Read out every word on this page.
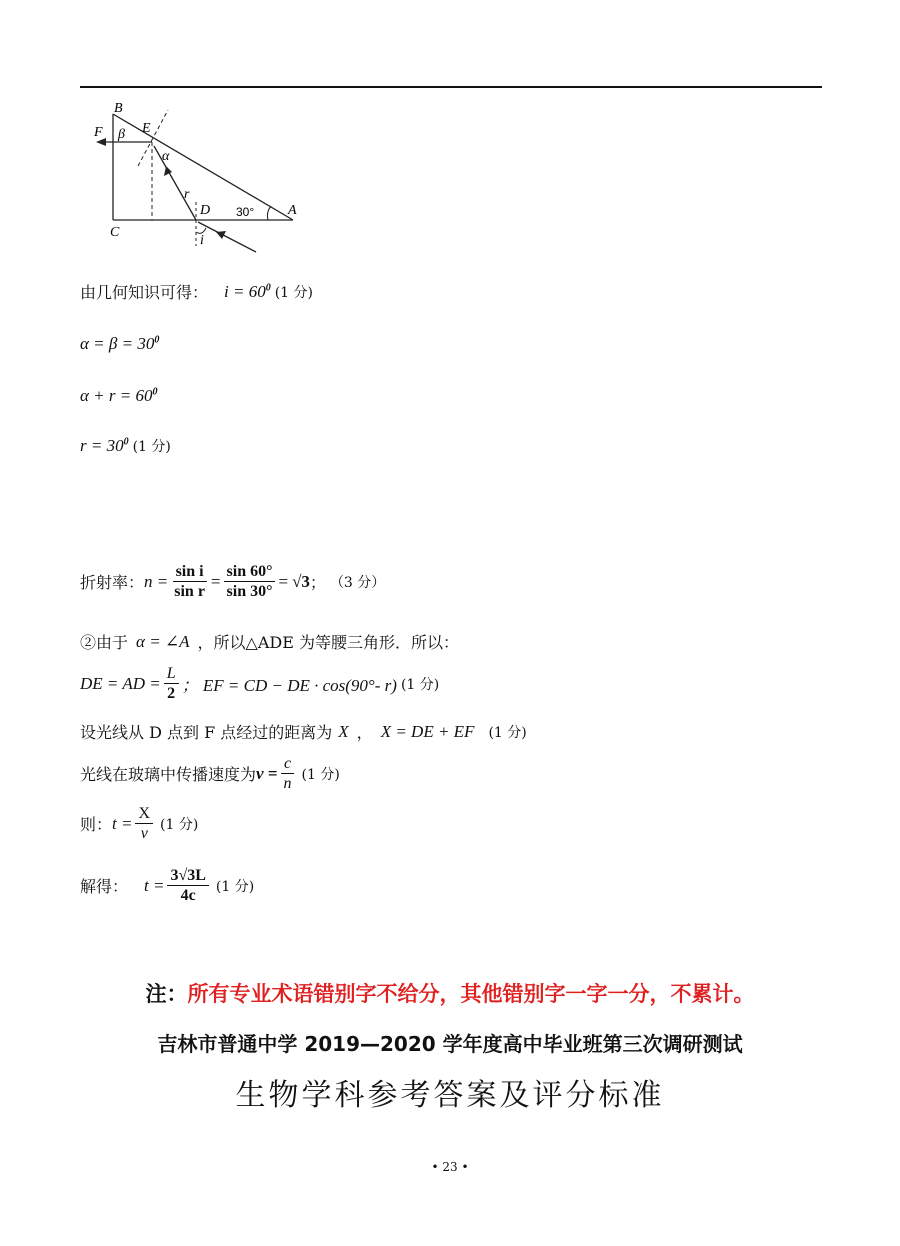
B
E
F β
α
r
D 30° A
C
i
由几何知识可得： $i = 60^0$ (1 分)
$\alpha = \beta = 30^0$
$\alpha + r = 60^0$
$r = 30^0$ (1 分)
折射率： $n = \frac{\text{sin i}}{\text{sin r}} = \frac{\sin 60^\circ}{\sin 30^\circ} = √3$ ； （3 分）
②由于 α = ∠A ，所以△ADE 为等腰三角形．所以：
DE = AD = $\frac{L}{2}$ ； EF = CD − DE · cos(90°- r) (1 分)
设光线从 D 点到 F 点经过的距离为 X ， X = DE + EF (1 分)
光线在玻璃中传播速度为 $v = \frac{c}{n} (1$ 分)
则： $t = \frac{X}{v} (1$ 分)
解得： $t = \frac{3√3L}{4c} (1$ 分)
注：所有专业术语错别字不给分，其他错别字一字一分，不累计。
吉林市普通中学 2019—2020 学年度高中毕业班第三次调研测试
生物学科参考答案及评分标准
• 23 •
